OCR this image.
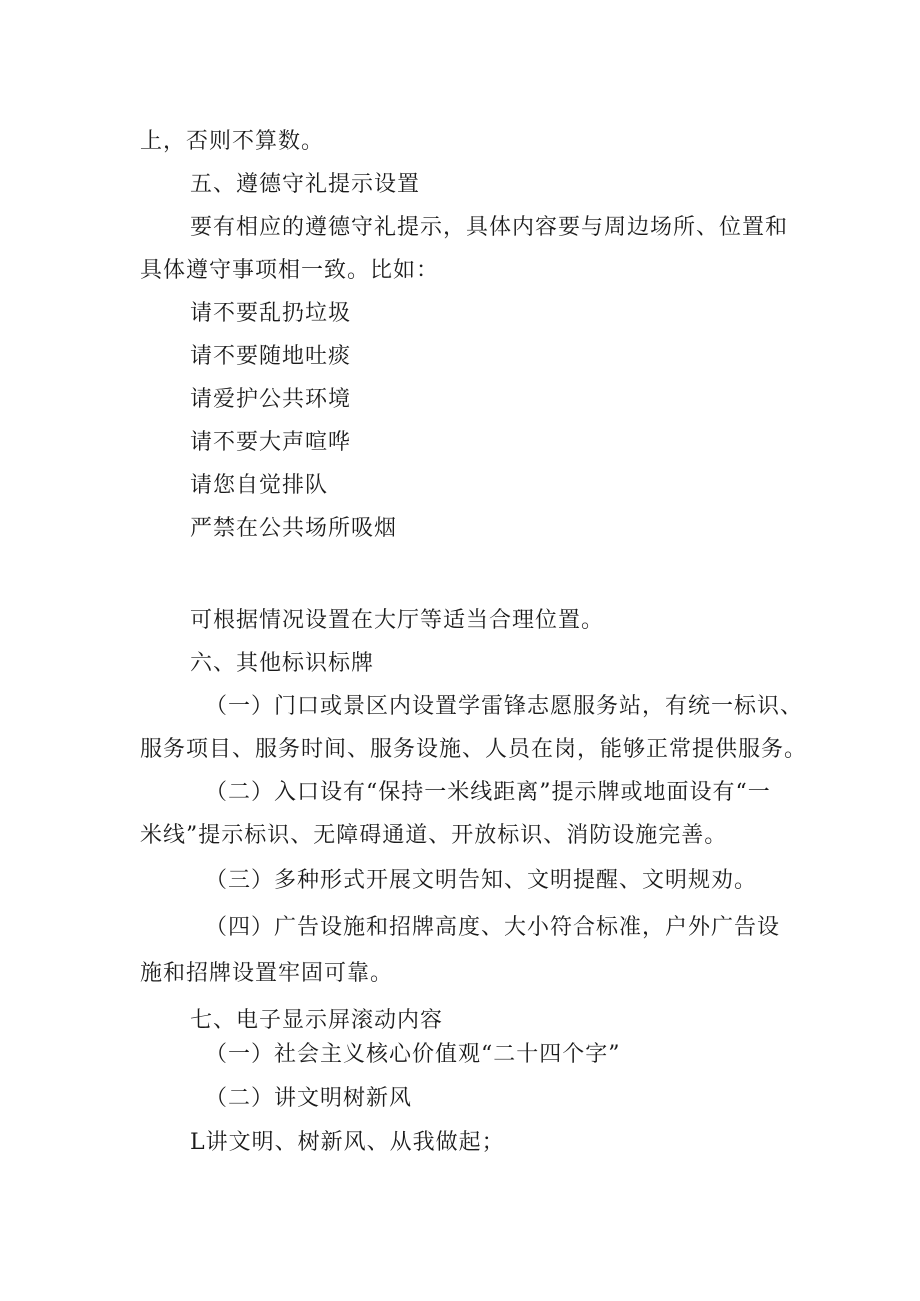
上，否则不算数。
五、遵德守礼提示设置
要有相应的遵德守礼提示，具体内容要与周边场所、位置和
具体遵守事项相一致。比如：
请不要乱扔垃圾
请不要随地吐痰
请爱护公共环境
请不要大声喧哗
请您自觉排队
严禁在公共场所吸烟
可根据情况设置在大厅等适当合理位置。
六、其他标识标牌
（一）门口或景区内设置学雷锋志愿服务站，有统一标识、
服务项目、服务时间、服务设施、人员在岗，能够正常提供服务。
（二）入口设有“保持一米线距离”提示牌或地面设有“一
米线”提示标识、无障碍通道、开放标识、消防设施完善。
（三）多种形式开展文明告知、文明提醒、文明规劝。
（四）广告设施和招牌高度、大小符合标准，户外广告设
施和招牌设置牢固可靠。
七、电子显示屏滚动内容
（一）社会主义核心价值观“二十四个字”
（二）讲文明树新风
L讲文明、树新风、从我做起；
